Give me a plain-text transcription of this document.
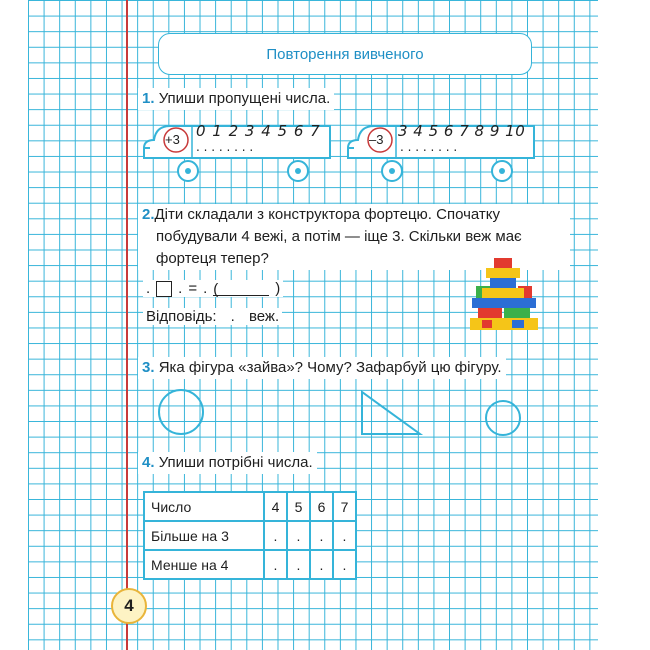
Повторення вивченого
1. Упиши пропущені числа.
. . . . . . . .	. . . . . . . .
+3 0 1 2 3 4 5 6 7	–3 3 4 5 6 7 8 9 10
2.Діти складали з конструктора фортецю. Спочатку
побудували 4 вежі, а потім — іще 3. Скільки веж має
фортеця тепер?
. . = . (	)
Відповідь: . веж.
3. Яка фігура «зайва»? Чому? Зафарбуй цю фігуру.
4. Упиши потрібні числа.
Число	4	5	6	7
Більше на 3	.	.	.	.
Менше на 4	.	.	.	.
4
